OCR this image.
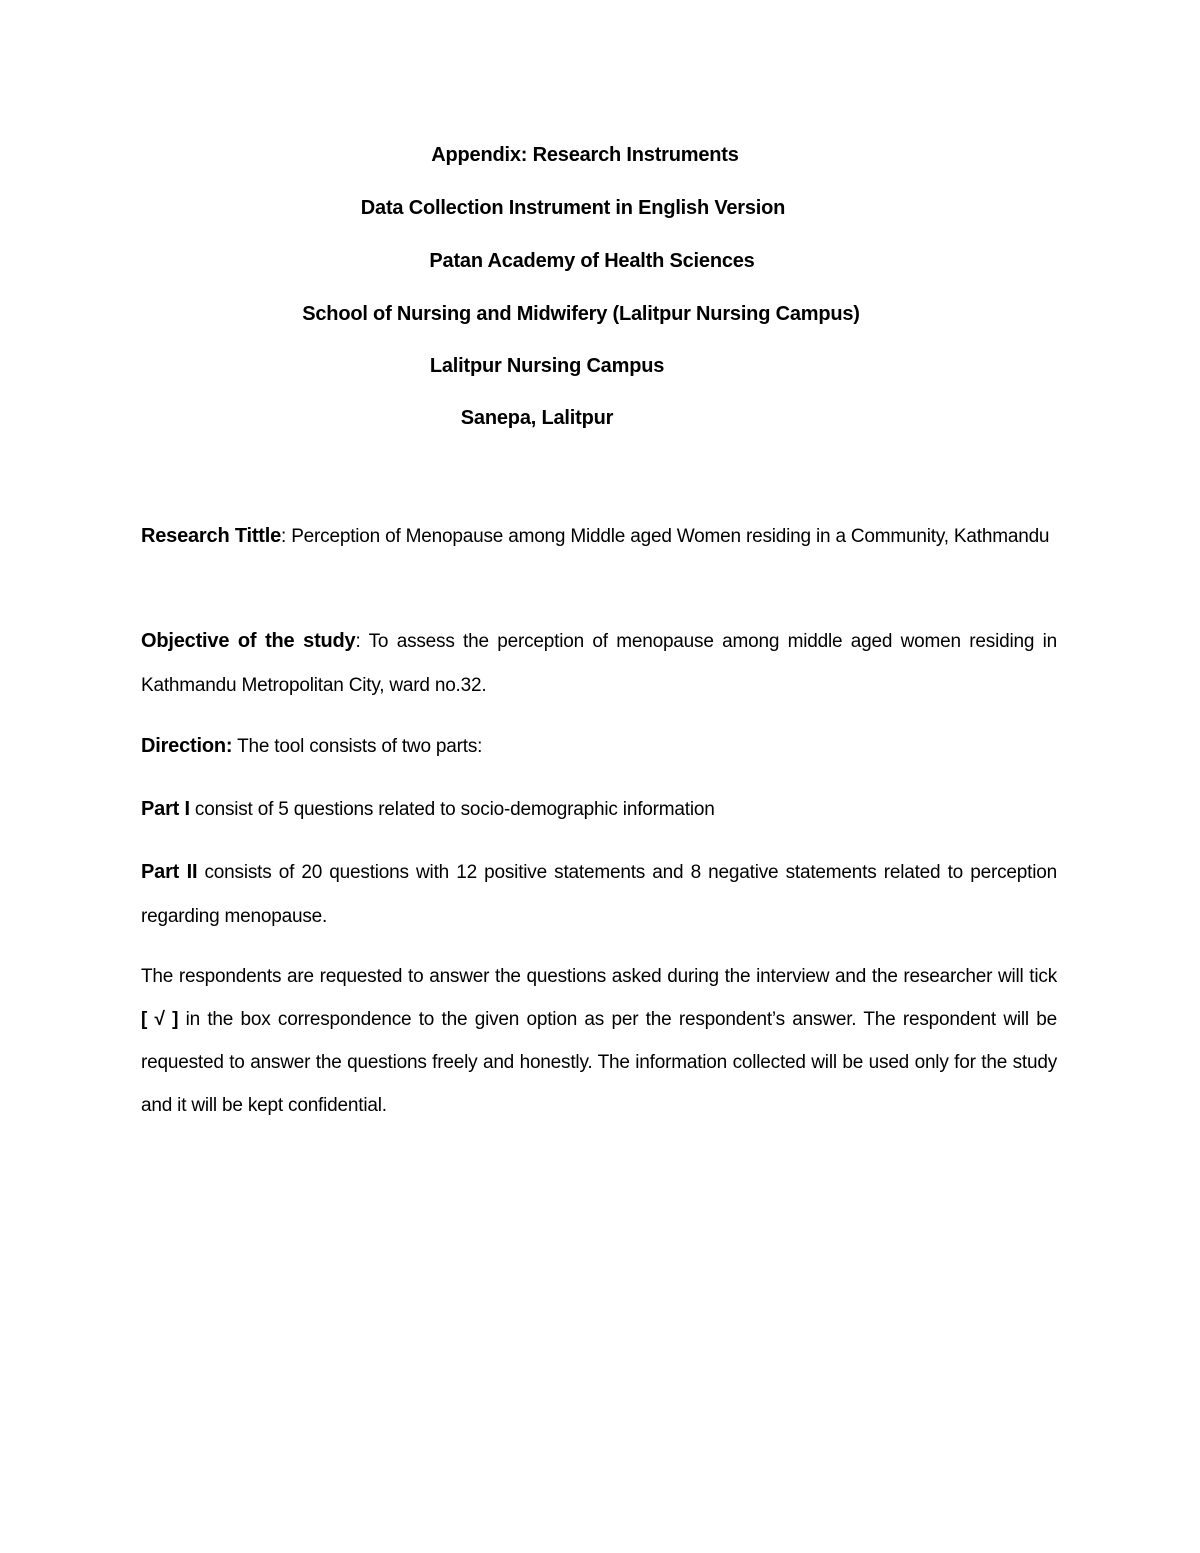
Appendix: Research Instruments
Data Collection Instrument in English Version
Patan Academy of Health Sciences
School of Nursing and Midwifery (Lalitpur Nursing Campus)
Lalitpur Nursing Campus
Sanepa, Lalitpur
Research Tittle: Perception of Menopause among Middle aged Women residing in a Community, Kathmandu
Objective of the study: To assess the perception of menopause among middle aged women residing in Kathmandu Metropolitan City, ward no.32.
Direction: The tool consists of two parts:
Part I consist of 5 questions related to socio-demographic information
Part II consists of 20 questions with 12 positive statements and 8 negative statements related to perception regarding menopause.
The respondents are requested to answer the questions asked during the interview and the researcher will tick [ √ ] in the box correspondence to the given option as per the respondent’s answer. The respondent will be requested to answer the questions freely and honestly. The information collected will be used only for the study and it will be kept confidential.
